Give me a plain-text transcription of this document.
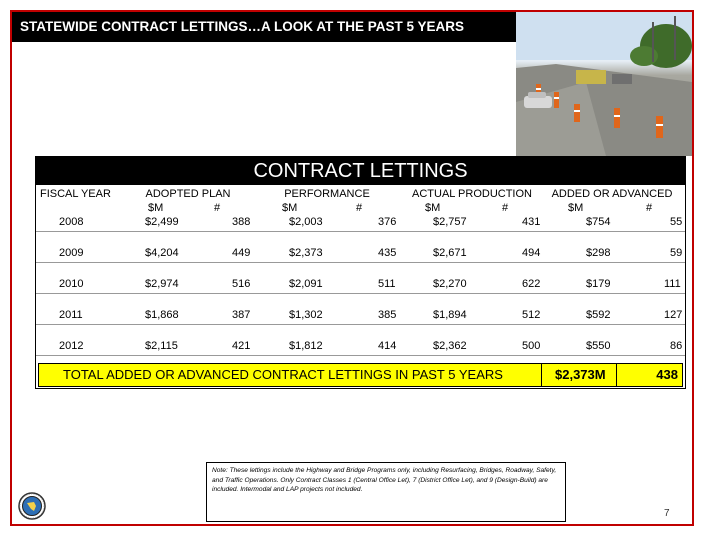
STATEWIDE CONTRACT LETTINGS…A LOOK AT THE PAST 5 YEARS
CONTRACT LETTINGS
FISCAL YEAR	ADOPTED PLAN	PERFORMANCE	ACTUAL PRODUCTION	ADDED OR ADVANCED
$M	#	$M	#	$M	#	$M	#
2008	$2,499	388	$2,003	376	$2,757	431	$754	55
2009	$4,204	449	$2,373	435	$2,671	494	$298	59
2010	$2,974	516	$2,091	511	$2,270	622	$179	111
2011	$1,868	387	$1,302	385	$1,894	512	$592	127
2012	$2,115	421	$1,812	414	$2,362	500	$550	86
TOTAL ADDED OR ADVANCED CONTRACT LETTINGS IN PAST 5 YEARS	$2,373M	438
Note: These lettings include the Highway and Bridge Programs only, including Resurfacing, Bridges, Roadway, Safety, and Traffic Operations. Only Contract Classes 1 (Central Office Let), 7 (District Office Let), and 9 (Design-Build) are included. Intermodal and LAP projects not included.
7
